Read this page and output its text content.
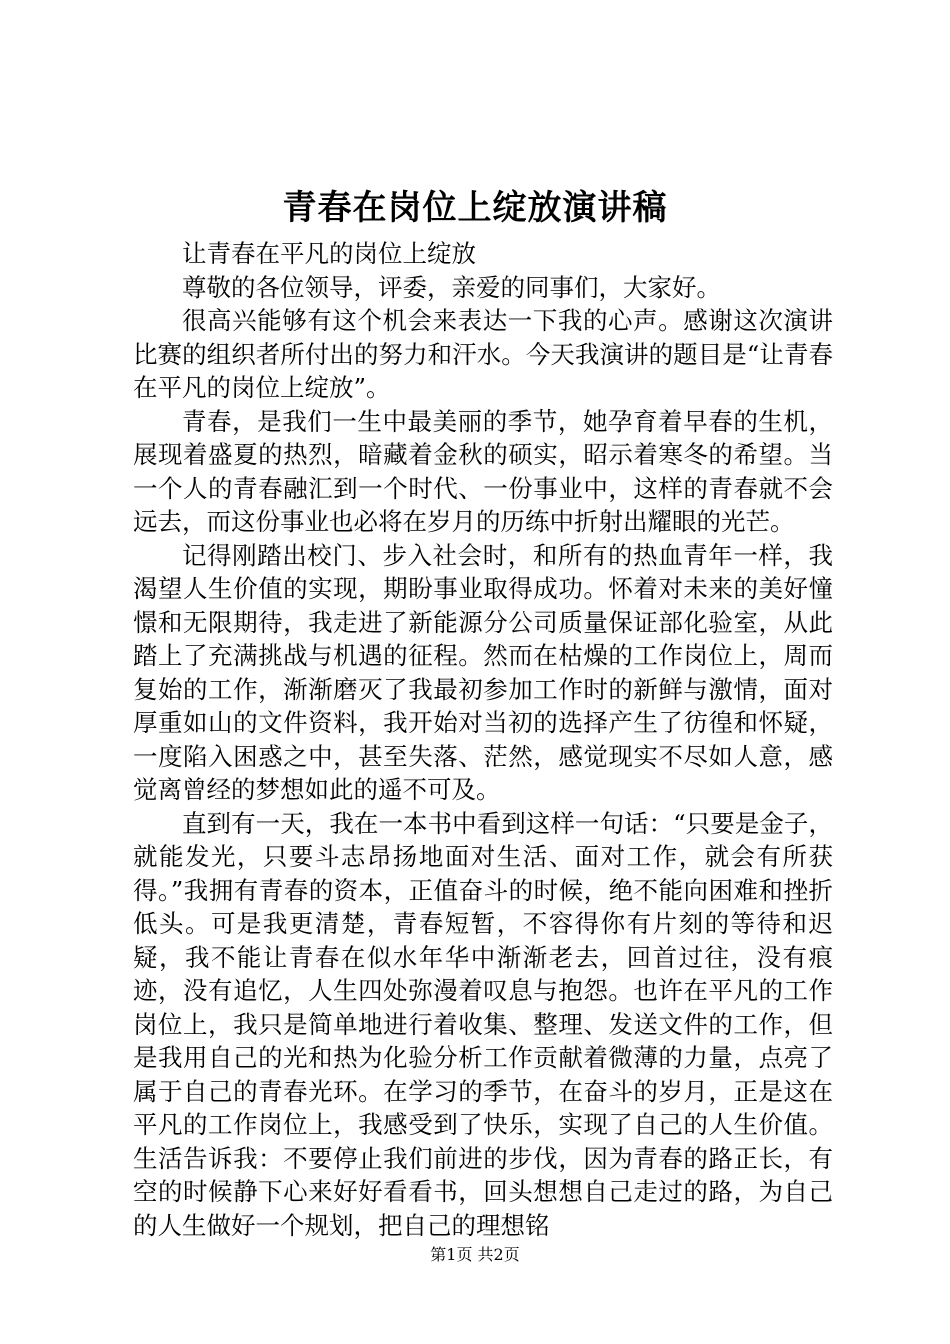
青春在岗位上绽放演讲稿

让青春在平凡的岗位上绽放

尊敬的各位领导，评委，亲爱的同事们，大家好。

很高兴能够有这个机会来表达一下我的心声。感谢这次演讲比赛的组织者所付出的努力和汗水。今天我演讲的题目是“让青春在平凡的岗位上绽放”。

青春，是我们一生中最美丽的季节，她孕育着早春的生机，展现着盛夏的热烈，暗藏着金秋的硕实，昭示着寒冬的希望。当一个人的青春融汇到一个时代、一份事业中，这样的青春就不会远去，而这份事业也必将在岁月的历练中折射出耀眼的光芒。

记得刚踏出校门、步入社会时，和所有的热血青年一样，我渴望人生价值的实现，期盼事业取得成功。怀着对未来的美好憧憬和无限期待，我走进了新能源分公司质量保证部化验室，从此踏上了充满挑战与机遇的征程。然而在枯燥的工作岗位上，周而复始的工作，渐渐磨灭了我最初参加工作时的新鲜与激情，面对厚重如山的文件资料，我开始对当初的选择产生了彷徨和怀疑，一度陷入困惑之中，甚至失落、茫然，感觉现实不尽如人意，感觉离曾经的梦想如此的遥不可及。

直到有一天，我在一本书中看到这样一句话：“只要是金子，就能发光，只要斗志昂扬地面对生活、面对工作，就会有所获得。”我拥有青春的资本，正值奋斗的时候，绝不能向困难和挫折低头。可是我更清楚，青春短暂，不容得你有片刻的等待和迟疑，我不能让青春在似水年华中渐渐老去，回首过往，没有痕迹，没有追忆，人生四处弥漫着叹息与抱怨。也许在平凡的工作岗位上，我只是简单地进行着收集、整理、发送文件的工作，但是我用自己的光和热为化验分析工作贡献着微薄的力量，点亮了属于自己的青春光环。在学习的季节，在奋斗的岁月，正是这在平凡的工作岗位上，我感受到了快乐，实现了自己的人生价值。生活告诉我：不要停止我们前进的步伐，因为青春的路正长，有空的时候静下心来好好看看书，回头想想自己走过的路，为自己的人生做好一个规划，把自己的理想铭

第1页 共2页
